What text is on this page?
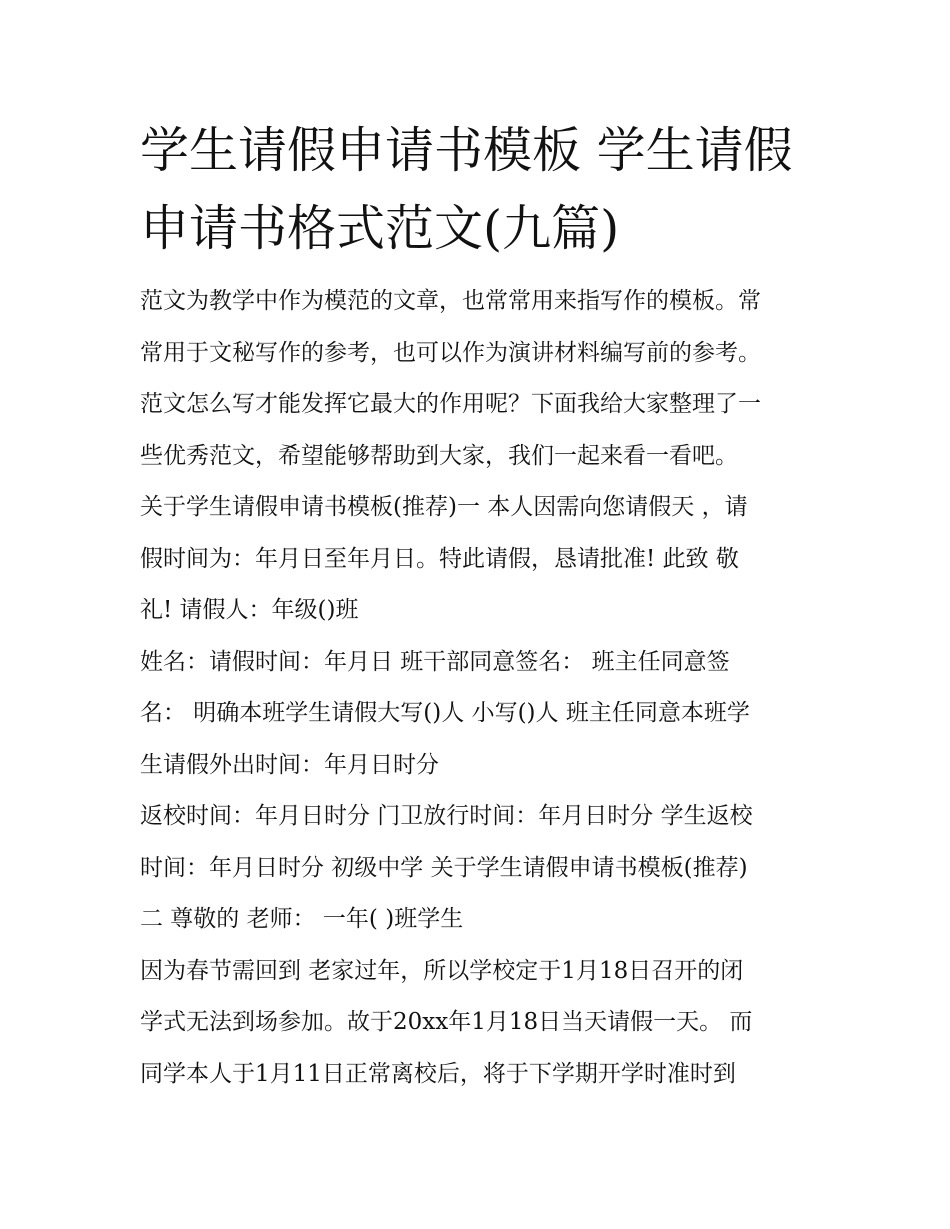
学生请假申请书模板 学生请假
申请书格式范文(九篇)
范文为教学中作为模范的文章，也常常用来指写作的模板。常
常用于文秘写作的参考，也可以作为演讲材料编写前的参考。
范文怎么写才能发挥它最大的作用呢？下面我给大家整理了一
些优秀范文，希望能够帮助到大家，我们一起来看一看吧。
关于学生请假申请书模板(推荐)一 本人因需向您请假天 ，请
假时间为：年月日至年月日。特此请假，恳请批准! 此致 敬
礼! 请假人：年级()班
姓名：请假时间：年月日 班干部同意签名： 班主任同意签
名： 明确本班学生请假大写()人 小写()人 班主任同意本班学
生请假外出时间：年月日时分
返校时间：年月日时分 门卫放行时间：年月日时分 学生返校
时间：年月日时分 初级中学 关于学生请假申请书模板(推荐)
二 尊敬的 老师： 一年( )班学生
因为春节需回到 老家过年，所以学校定于1月18日召开的闭
学式无法到场参加。故于20xx年1月18日当天请假一天。 而
同学本人于1月11日正常离校后，将于下学期开学时准时到
